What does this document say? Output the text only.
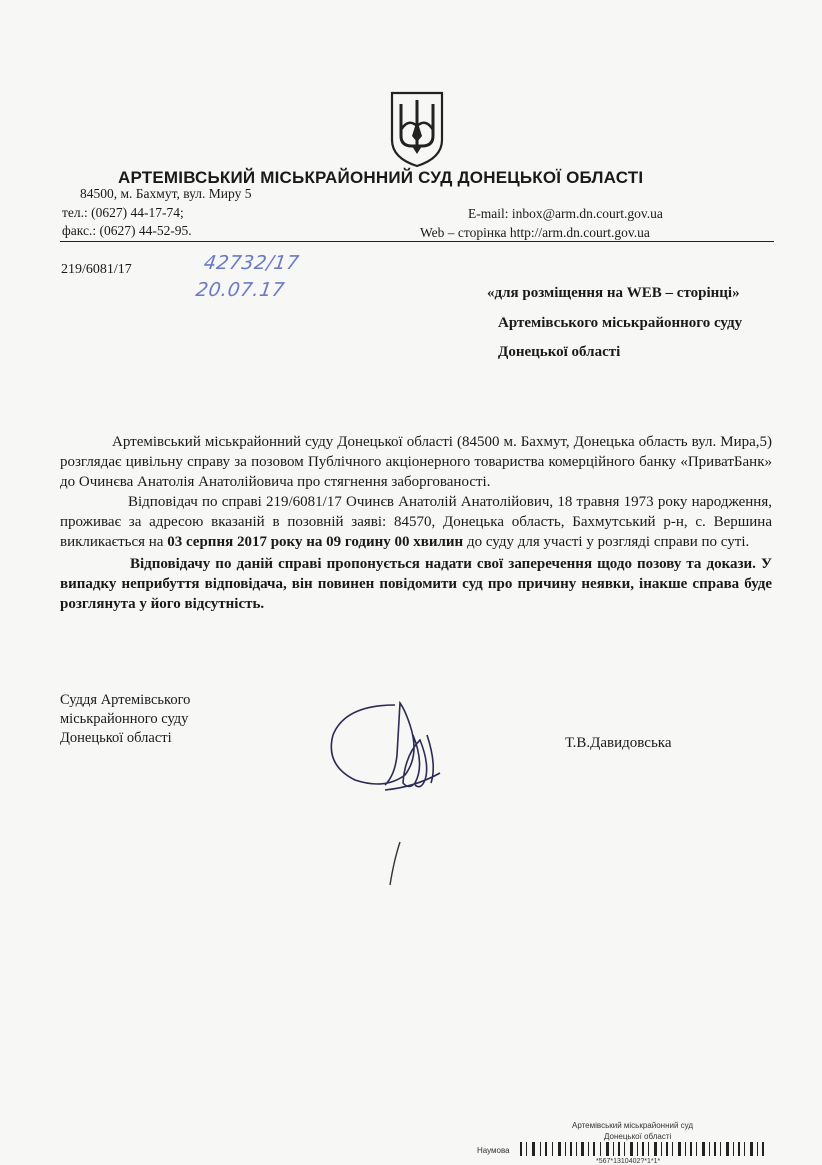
АРТЕМІВСЬКИЙ МІСЬКРАЙОННИЙ СУД ДОНЕЦЬКОЇ ОБЛАСТІ
84500, м. Бахмут, вул. Миру 5
тел.: (0627) 44-17-74;
факс.: (0627) 44-52-95.
E-mail: inbox@arm.dn.court.gov.ua
Web – сторінка http://arm.dn.court.gov.ua
219/6081/17	42732/17
20.07.17	«для розміщення на WEB – сторінці»
Артемівського міськрайонного суду
Донецької області

Артемівський міськрайонний суду Донецької області (84500 м. Бахмут, Донецька область вул. Мира,5) розглядає цивільну справу за позовом Публічного акціонерного товариства комерційного банку «ПриватБанк» до Очинєва Анатолія Анатолійовича про стягнення заборгованості.

Відповідач по справі 219/6081/17 Очинєв Анатолій Анатолійович, 18 травня 1973 року народження, проживає за адресою вказаній в позовній заяві: 84570, Донецька область, Бахмутський р-н, с. Вершина викликається на 03 серпня 2017 року на 09 годину 00 хвилин до суду для участі у розгляді справи по суті.

Відповідачу по даній справі пропонується надати свої заперечення щодо позову та докази. У випадку неприбуття відповідача, він повинен повідомити суд про причину неявки, інакше справа буде розглянута у його відсутність.

Суддя Артемівського
міськрайонного суду
Донецької області	Т.В.Давидовська
Артемівський міськрайонний суд
Донецької області
Наумова
*567*1310402?*1*1*
